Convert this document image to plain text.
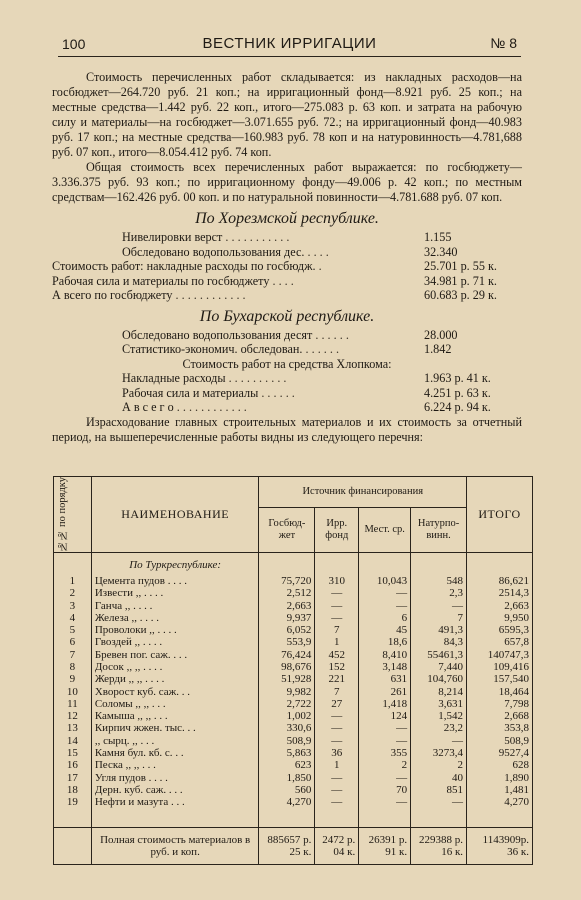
100	ВЕСТНИК ИРРИГАЦИИ	№ 8

Стоимость перечисленных работ складывается: из накладных расходов—на госбюджет—264.720 руб. 21 коп.; на ирригационный фонд—8.921 руб. 25 коп.; на местные средства—1.442 руб. 22 коп., итого—275.083 р. 63 коп. и затрата на рабочую силу и материалы—на госбюджет—3.071.655 руб. 72.; на ирригационный фонд—40.983 руб. 17 коп.; на местные средства—160.983 руб. 78 коп и на натуровинность—4.781,688 руб. 07 коп., итого—8.054.412 руб. 74 коп.

Общая стоимость всех перечисленных работ выражается: по госбюджету—3.336.375 руб. 93 коп.; по ирригационному фонду—49.006 р. 42 коп.; по местным средствам—162.426 руб. 00 коп. и по натуральной повинности—4.781.688 руб. 07 коп.

По Хорезмской республике.
Нивелировки верст . . . . . . . . . . .	1.155
Обследовано водопользования дес. . . . .	32.340
Стоимость работ: накладные расходы по госбюдж. .	25.701 р. 55 к.
Рабочая сила и материалы по госбюджету . . . .	34.981 р. 71 к.
А всего по госбюджету . . . . . . . . . . . .	60.683 р. 29 к.
По Бухарской республике.
Обследовано водопользования десят . . . . . .	28.000
Статистико-экономич. обследован. . . . . . .	1.842
Стоимость работ на средства Хлопкома:
Накладные расходы . . . . . . . . . .	1.963 р. 41 к.
Рабочая сила и материалы . . . . . .	4.251 р. 63 к.
А в с е г о . . . . . . . . . . . .	6.224 р. 94 к.

Израсходование главных строительных материалов и их стоимость за отчетный период, на вышеперечисленные работы видны из следующего перечня:

№№ по порядку	НАИМЕНОВАНИЕ	Источник финансирования				ИТОГО
		Госбюд-жет	Ирр. фонд	Мест. ср.	Натурпо-винн.	
	По Туркреспублике:					
1	Цемента пудов . . . .	75,720	310	10,043	548	86,621
2	Извести ,, . . . .	2,512	—	—	2,3	2514,3
3	Ганча ,, . . . .	2,663	—	—	—	2,663
4	Железа ,, . . . .	9,937	—	6	7	9,950
5	Проволоки ,, . . . .	6,052	7	45	491,3	6595,3
6	Гвоздей ,, . . . .	553,9	1	18,6	84,3	657,8
7	Бревен пог. саж. . . .	76,424	452	8,410	55461,3	140747,3
8	Досок ,, ,, . . . .	98,676	152	3,148	7,440	109,416
9	Жерди ,, ,, . . . .	51,928	221	631	104,760	157,540
10	Хворост куб. саж. . .	9,982	7	261	8,214	18,464
11	Соломы ,, ,, . . .	2,722	27	1,418	3,631	7,798
12	Камыша ,, ,, . . .	1,002	—	124	1,542	2,668
13	Кирпич жжен. тыс. . .	330,6	—	—	23,2	353,8
14	,, сырц. ,, . . .	508,9	—	—	—	508,9
15	Камня бул. кб. с. . .	5,863	36	355	3273,4	9527,4
16	Песка ,, ,, . . .	623	1	2	2	628
17	Угля пудов . . . .	1,850	—	—	40	1,890
18	Дерн. куб. саж. . . .	560	—	70	851	1,481
19	Нефти и мазута . . .	4,270	—	—	—	4,270

	Полная стоимость материалов в руб. и коп.	885657 р. 25 к.	2472 р. 04 к.	26391 р. 91 к.	229388 р. 16 к.	1143909р. 36 к.
